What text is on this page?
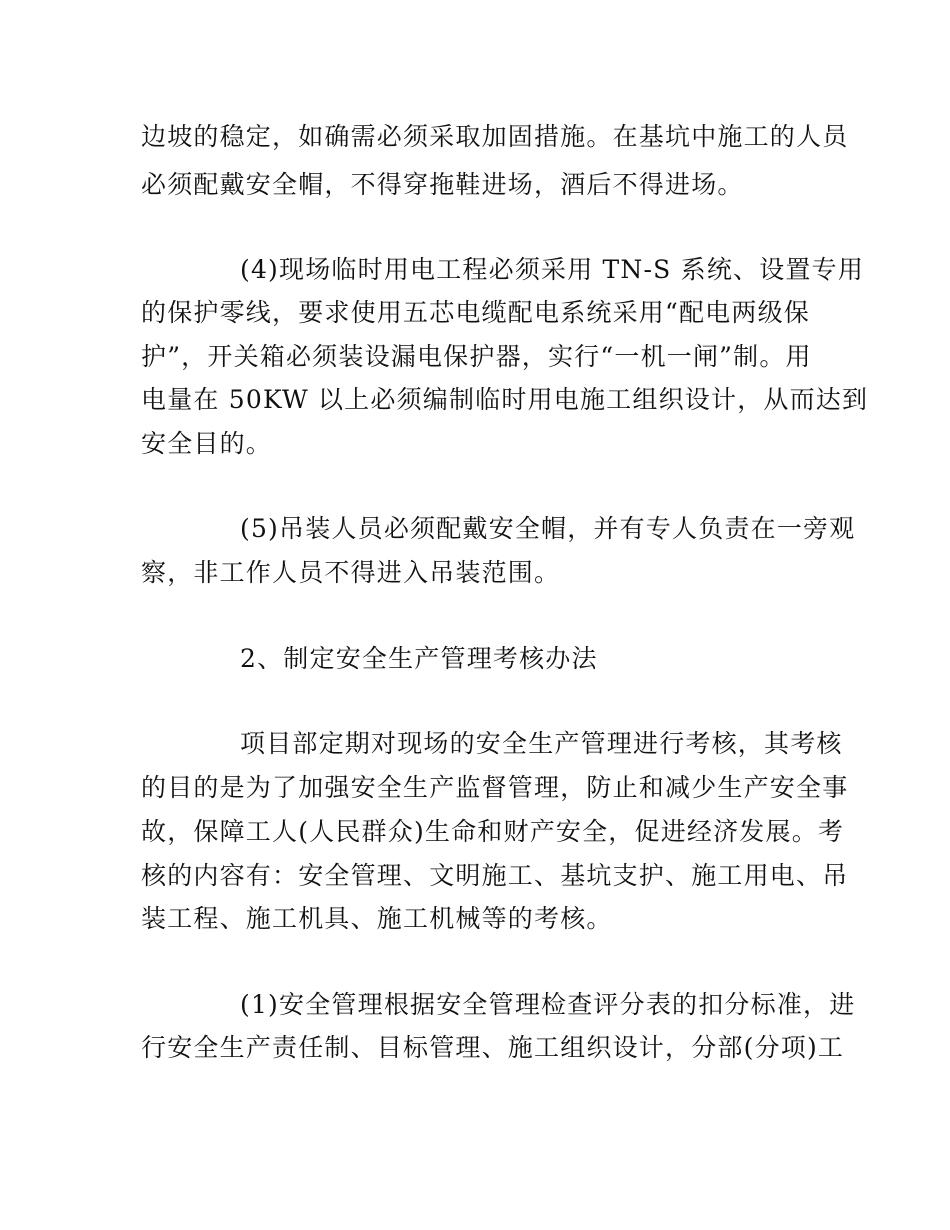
边坡的稳定，如确需必须采取加固措施。在基坑中施工的人员
必须配戴安全帽，不得穿拖鞋进场，酒后不得进场。
(4)现场临时用电工程必须采用 TN-S 系统、设置专用
的保护零线，要求使用五芯电缆配电系统采用“配电两级保
护”，开关箱必须装设漏电保护器，实行“一机一闸”制。用
电量在 50KW 以上必须编制临时用电施工组织设计，从而达到
安全目的。
(5)吊装人员必须配戴安全帽，并有专人负责在一旁观
察，非工作人员不得进入吊装范围。
2、制定安全生产管理考核办法
项目部定期对现场的安全生产管理进行考核，其考核
的目的是为了加强安全生产监督管理，防止和减少生产安全事
故，保障工人(人民群众)生命和财产安全，促进经济发展。考
核的内容有：安全管理、文明施工、基坑支护、施工用电、吊
装工程、施工机具、施工机械等的考核。
(1)安全管理根据安全管理检查评分表的扣分标准，进
行安全生产责任制、目标管理、施工组织设计，分部(分项)工
